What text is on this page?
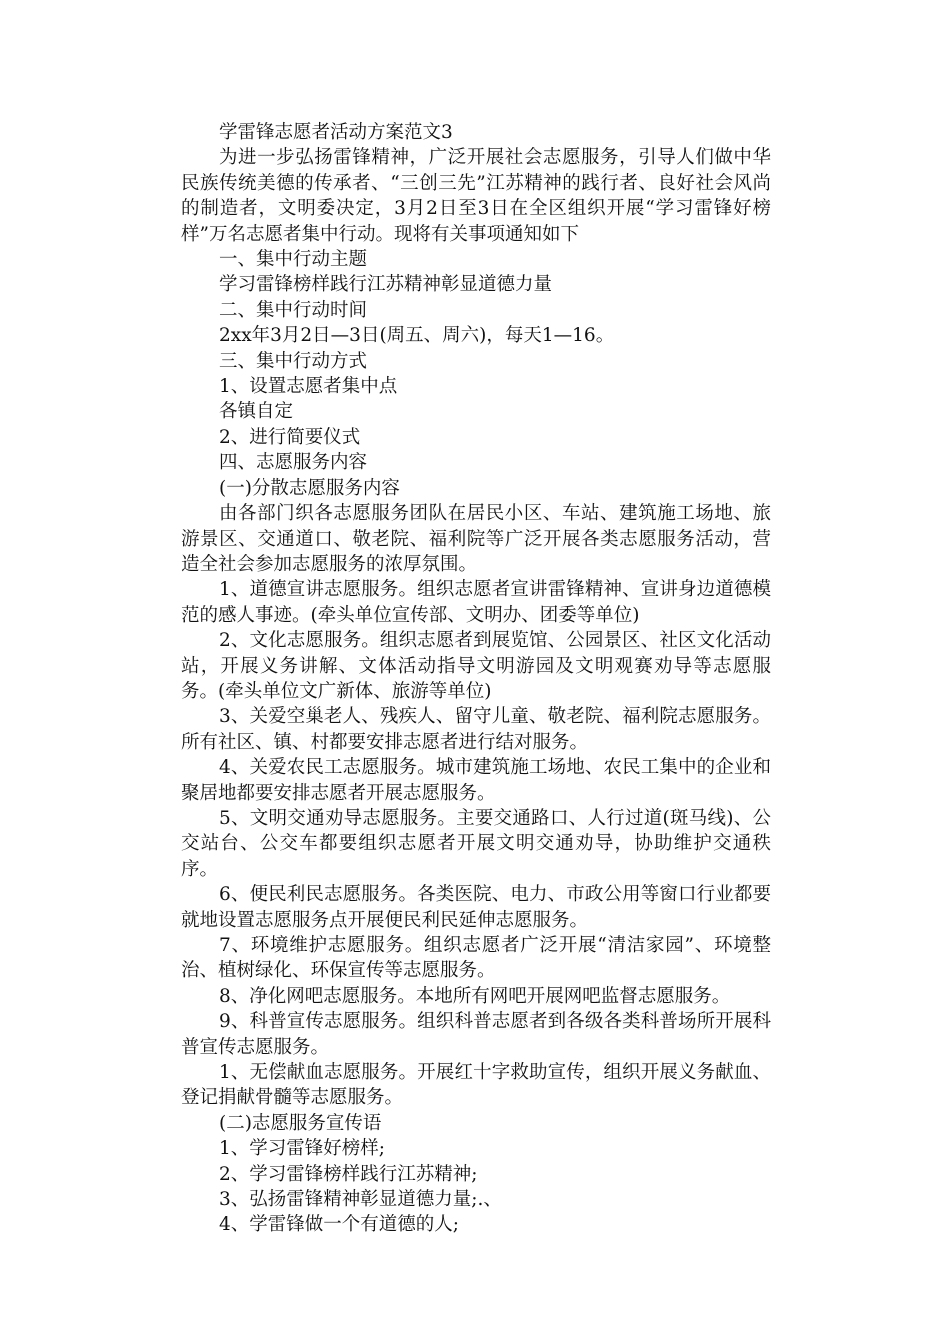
学雷锋志愿者活动方案范文3

为进一步弘扬雷锋精神，广泛开展社会志愿服务，引导人们做中华民族传统美德的传承者、“三创三先”江苏精神的践行者、良好社会风尚的制造者，文明委决定，3月2日至3日在全区组织开展“学习雷锋好榜样”万名志愿者集中行动。现将有关事项通知如下

一、集中行动主题

学习雷锋榜样践行江苏精神彰显道德力量

二、集中行动时间

2xx年3月2日—3日(周五、周六)，每天1—16。

三、集中行动方式

1、设置志愿者集中点

各镇自定

2、进行简要仪式

四、志愿服务内容

(一)分散志愿服务内容

由各部门织各志愿服务团队在居民小区、车站、建筑施工场地、旅游景区、交通道口、敬老院、福利院等广泛开展各类志愿服务活动，营造全社会参加志愿服务的浓厚氛围。

1、道德宣讲志愿服务。组织志愿者宣讲雷锋精神、宣讲身边道德模范的感人事迹。(牵头单位宣传部、文明办、团委等单位)

2、文化志愿服务。组织志愿者到展览馆、公园景区、社区文化活动站，开展义务讲解、文体活动指导文明游园及文明观赛劝导等志愿服务。(牵头单位文广新体、旅游等单位)

3、关爱空巢老人、残疾人、留守儿童、敬老院、福利院志愿服务。所有社区、镇、村都要安排志愿者进行结对服务。

4、关爱农民工志愿服务。城市建筑施工场地、农民工集中的企业和聚居地都要安排志愿者开展志愿服务。

5、文明交通劝导志愿服务。主要交通路口、人行过道(斑马线)、公交站台、公交车都要组织志愿者开展文明交通劝导，协助维护交通秩序。

6、便民利民志愿服务。各类医院、电力、市政公用等窗口行业都要就地设置志愿服务点开展便民利民延伸志愿服务。

7、环境维护志愿服务。组织志愿者广泛开展“清洁家园”、环境整治、植树绿化、环保宣传等志愿服务。

8、净化网吧志愿服务。本地所有网吧开展网吧监督志愿服务。

9、科普宣传志愿服务。组织科普志愿者到各级各类科普场所开展科普宣传志愿服务。

1、无偿献血志愿服务。开展红十字救助宣传，组织开展义务献血、登记捐献骨髓等志愿服务。

(二)志愿服务宣传语

1、学习雷锋好榜样;

2、学习雷锋榜样践行江苏精神;

3、弘扬雷锋精神彰显道德力量;.、

4、学雷锋做一个有道德的人;
